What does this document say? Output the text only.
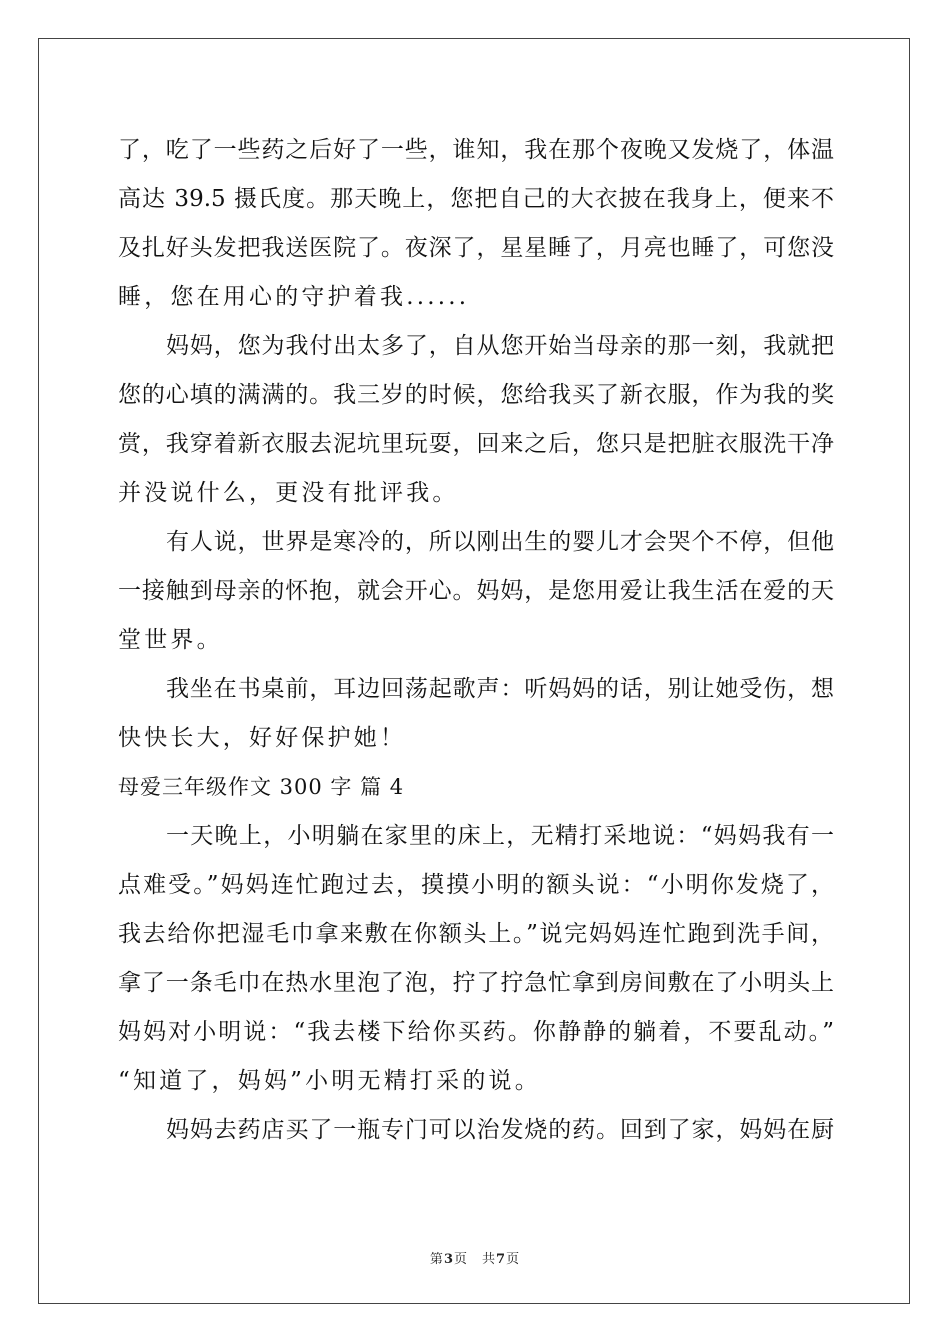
了，吃了一些药之后好了一些，谁知，我在那个夜晚又发烧了，体温
高达 39.5 摄氏度。那天晚上，您把自己的大衣披在我身上，便来不
及扎好头发把我送医院了。夜深了，星星睡了，月亮也睡了，可您没
睡，您在用心的守护着我......
妈妈，您为我付出太多了，自从您开始当母亲的那一刻，我就把
您的心填的满满的。我三岁的时候，您给我买了新衣服，作为我的奖
赏，我穿着新衣服去泥坑里玩耍，回来之后，您只是把脏衣服洗干净
并没说什么，更没有批评我。
有人说，世界是寒冷的，所以刚出生的婴儿才会哭个不停，但他
一接触到母亲的怀抱，就会开心。妈妈，是您用爱让我生活在爱的天
堂世界。
我坐在书桌前，耳边回荡起歌声：听妈妈的话，别让她受伤，想
快快长大，好好保护她！
母爱三年级作文 300 字 篇 4
一天晚上，小明躺在家里的床上，无精打采地说：“妈妈我有一
点难受。”妈妈连忙跑过去，摸摸小明的额头说：“小明你发烧了，
我去给你把湿毛巾拿来敷在你额头上。”说完妈妈连忙跑到洗手间，
拿了一条毛巾在热水里泡了泡，拧了拧急忙拿到房间敷在了小明头上
妈妈对小明说：“我去楼下给你买药。你静静的躺着，不要乱动。”
“知道了，妈妈”小明无精打采的说。
妈妈去药店买了一瓶专门可以治发烧的药。回到了家，妈妈在厨
第3页 共7页
